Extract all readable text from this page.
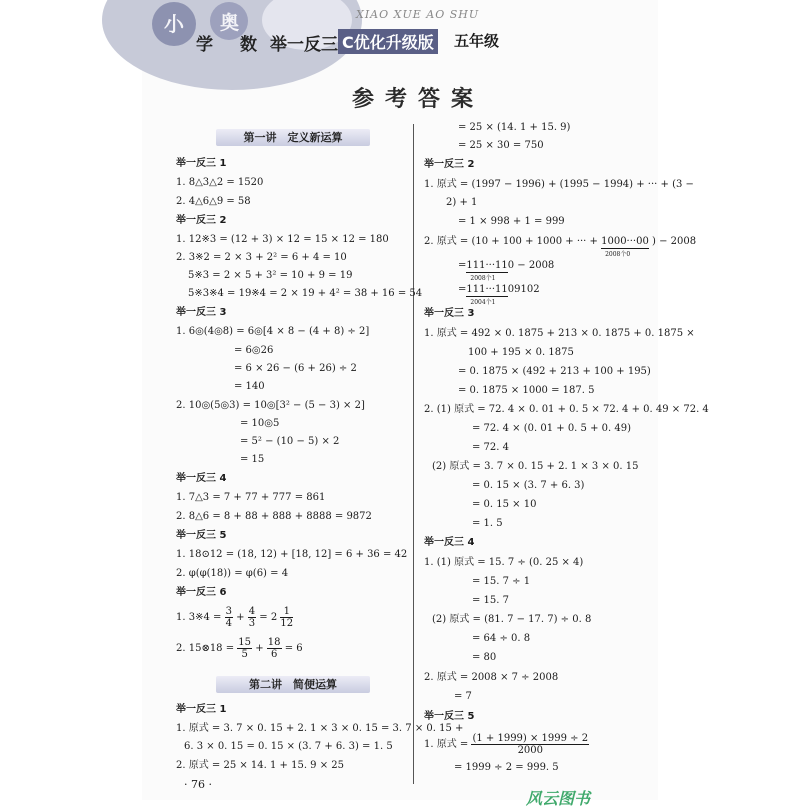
小
学
奥
数 举一反三
XIAO XUE AO SHU
C优化升级版 五年级
参考答案
第一讲　定义新运算
第二讲　简便运算
举一反三 1
1. 8△3△2 = 1520
2. 4△6△9 = 58
举一反三 2
1. 12※3 = (12 + 3) × 12 = 15 × 12 = 180
2. 3※2 = 2 × 3 + 2² = 6 + 4 = 10
5※3 = 2 × 5 + 3² = 10 + 9 = 19
5※3※4 = 19※4 = 2 × 19 + 4² = 38 + 16 = 54
举一反三 3
1. 6◎(4◎8) = 6◎[4 × 8 − (4 + 8) ÷ 2]
= 6◎26
= 6 × 26 − (6 + 26) ÷ 2
= 140
2. 10◎(5◎3) = 10◎[3² − (5 − 3) × 2]
= 10◎5
= 5² − (10 − 5) × 2
= 15
举一反三 4
1. 7△3 = 7 + 77 + 777 = 861
2. 8△6 = 8 + 88 + 888 + 8888 = 9872
举一反三 5
1. 18⊙12 = (18, 12) + [18, 12] = 6 + 36 = 42
2. φ(φ(18)) = φ(6) = 4
举一反三 6
1. 3※4 = $\frac{3}{4} + \frac{4}{3} = 2 \frac{1}{12}$
2. 15⊗18 = $\frac{15}{5} + \frac{18}{6} = 6$
举一反三 1
1. 原式 = 3. 7 × 0. 15 + 2. 1 × 3 × 0. 15 = 3. 7 × 0. 15 +
6. 3 × 0. 15 = 0. 15 × (3. 7 + 6. 3) = 1. 5
2. 原式 = 25 × 14. 1 + 15. 9 × 25
= 25 × (14. 1 + 15. 9)
= 25 × 30 = 750
举一反三 2
1. 原式 = (1997 − 1996) + (1995 − 1994) + ··· + (3 −
2) + 1
= 1 × 998 + 1 = 999
2. 原式 = (10 + 100 + 1000 + ··· + 1000···00
2008个0
) − 2008
=111···11
2008个1
0 − 2008
=111···11
2004个1
09102
举一反三 3
1. 原式 = 492 × 0. 1875 + 213 × 0. 1875 + 0. 1875 ×
100 + 195 × 0. 1875
= 0. 1875 × (492 + 213 + 100 + 195)
= 0. 1875 × 1000 = 187. 5
2. (1) 原式 = 72. 4 × 0. 01 + 0. 5 × 72. 4 + 0. 49 × 72. 4
= 72. 4 × (0. 01 + 0. 5 + 0. 49)
= 72. 4
(2) 原式 = 3. 7 × 0. 15 + 2. 1 × 3 × 0. 15
= 0. 15 × (3. 7 + 6. 3)
= 0. 15 × 10
= 1. 5
举一反三 4
1. (1) 原式 = 15. 7 ÷ (0. 25 × 4)
= 15. 7 ÷ 1
= 15. 7
(2) 原式 = (81. 7 − 17. 7) ÷ 0. 8
= 64 ÷ 0. 8
= 80
2. 原式 = 2008 × 7 ÷ 2008
= 7
举一反三 5
1. 原式 = $\frac{(1 + 1999) \times 1999 \div 2}{2000}$
= 1999 ÷ 2 = 999. 5
· 76 ·
风云图书
